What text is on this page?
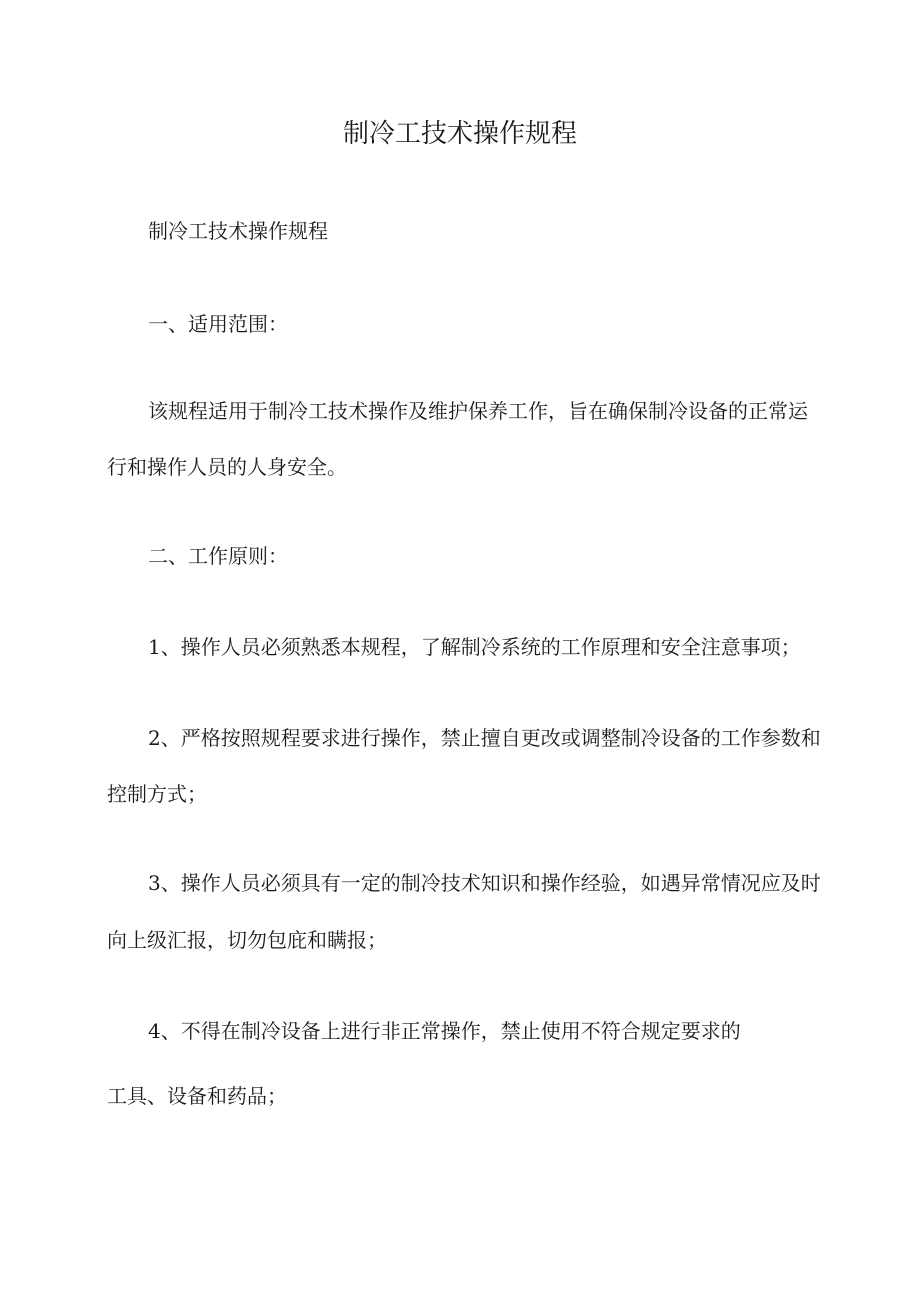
制冷工技术操作规程

制冷工技术操作规程

一、适用范围：

该规程适用于制冷工技术操作及维护保养工作，旨在确保制冷设备的正常运

行和操作人员的人身安全。

二、工作原则：

1、操作人员必须熟悉本规程，了解制冷系统的工作原理和安全注意事项；

2、严格按照规程要求进行操作，禁止擅自更改或调整制冷设备的工作参数和

控制方式；

3、操作人员必须具有一定的制冷技术知识和操作经验，如遇异常情况应及时

向上级汇报，切勿包庇和瞒报；

4、不得在制冷设备上进行非正常操作，禁止使用不符合规定要求的

工具、设备和药品；
